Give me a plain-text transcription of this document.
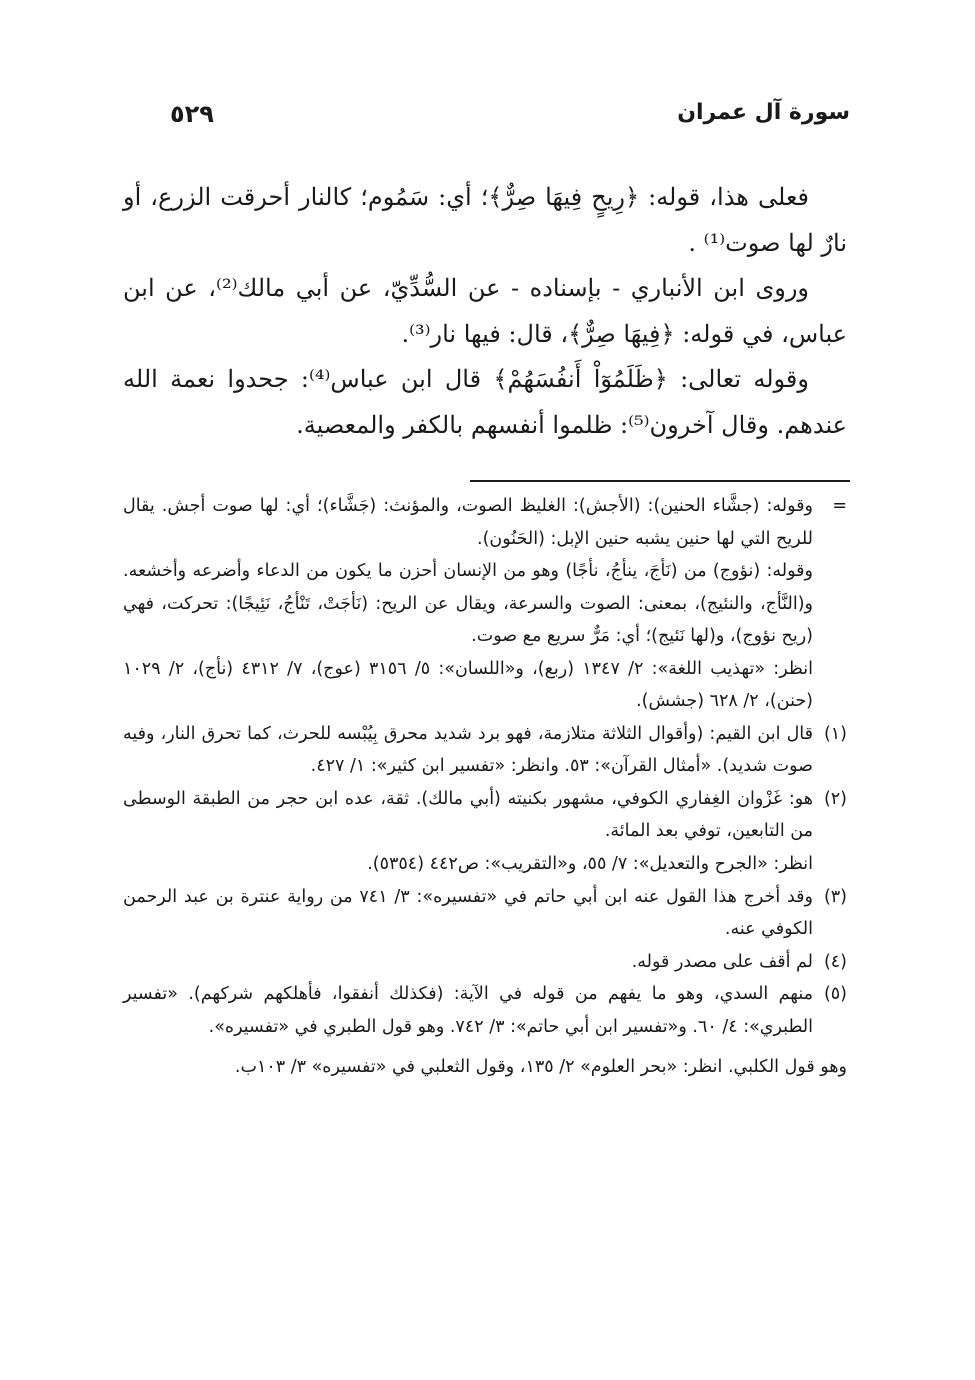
سورة آل عمران
٥٢٩

فعلى هذا، قوله: ﴿رِيحٍ فِيهَا صِرٌّ﴾؛ أي: سَمُوم؛ كالنار أحرقت الزرع، أو نارٌ لها صوت⁽¹⁾ .

وروى ابن الأنباري - بإسناده - عن السُّدِّيّ، عن أبي مالك⁽²⁾، عن ابن عباس، في قوله: ﴿فِيهَا صِرٌّ﴾، قال: فيها نار⁽³⁾.

وقوله تعالى: ﴿ظَلَمُوٓاْ أَنفُسَهُمْ﴾ قال ابن عباس⁽⁴⁾: جحدوا نعمة الله عندهم. وقال آخرون⁽⁵⁾: ظلموا أنفسهم بالكفر والمعصية.

=
وقوله: (جشَّاء الحنين): (الأجش): الغليظ الصوت، والمؤنث: (جَشَّاء)؛ أي: لها صوت أجش. يقال للريح التي لها حنين يشبه حنين الإبل: (الحَنُون).
وقوله: (نؤوج) من (نَأجَ، ينأجُ، نأجًا) وهو من الإنسان أحزن ما يكون من الدعاء وأضرعه وأخشعه. و(النَّأج، والنئيج)، بمعنى: الصوت والسرعة، ويقال عن الريح: (نَأجَتْ، تَنْأجُ، نَئِيجًا): تحركت، فهي (ريح نؤوج)، و(لها نَئيج)؛ أي: مَرٌّ سريع مع صوت.
انظر: «تهذيب اللغة»: ٢/ ١٣٤٧ (ربع)، و«اللسان»: ٥/ ٣١٥٦ (عوج)، ٧/ ٤٣١٢ (نأج)، ٢/ ١٠٢٩ (حنن)، ٢/ ٦٢٨ (جشش).
(١)
قال ابن القيم: (وأقوال الثلاثة متلازمة، فهو برد شديد محرق بِيُبْسه للحرث، كما تحرق النار، وفيه صوت شديد). «أمثال القرآن»: ٥٣. وانظر: «تفسير ابن كثير»: ١/ ٤٢٧.
(٢)
هو: غَزْوان الغِفاري الكوفي، مشهور بكنيته (أبي مالك). ثقة، عده ابن حجر من الطبقة الوسطى من التابعين، توفي بعد المائة.
انظر: «الجرح والتعديل»: ٧/ ٥٥، و«التقريب»: ص٤٤٢ (٥٣٥٤).
(٣)
وقد أخرج هذا القول عنه ابن أبي حاتم في «تفسيره»: ٣/ ٧٤١ من رواية عنترة بن عبد الرحمن الكوفي عنه.
(٤)
لم أقف على مصدر قوله.
(٥)
منهم السدي، وهو ما يفهم من قوله في الآية: (فكذلك أنفقوا، فأهلكهم شركهم). «تفسير الطبري»: ٤/ ٦٠. و«تفسير ابن أبي حاتم»: ٣/ ٧٤٢. وهو قول الطبري في «تفسيره».
وهو قول الكلبي. انظر: «بحر العلوم» ٢/ ١٣٥، وقول الثعلبي في «تفسيره» ٣/ ١٠٣ب.
